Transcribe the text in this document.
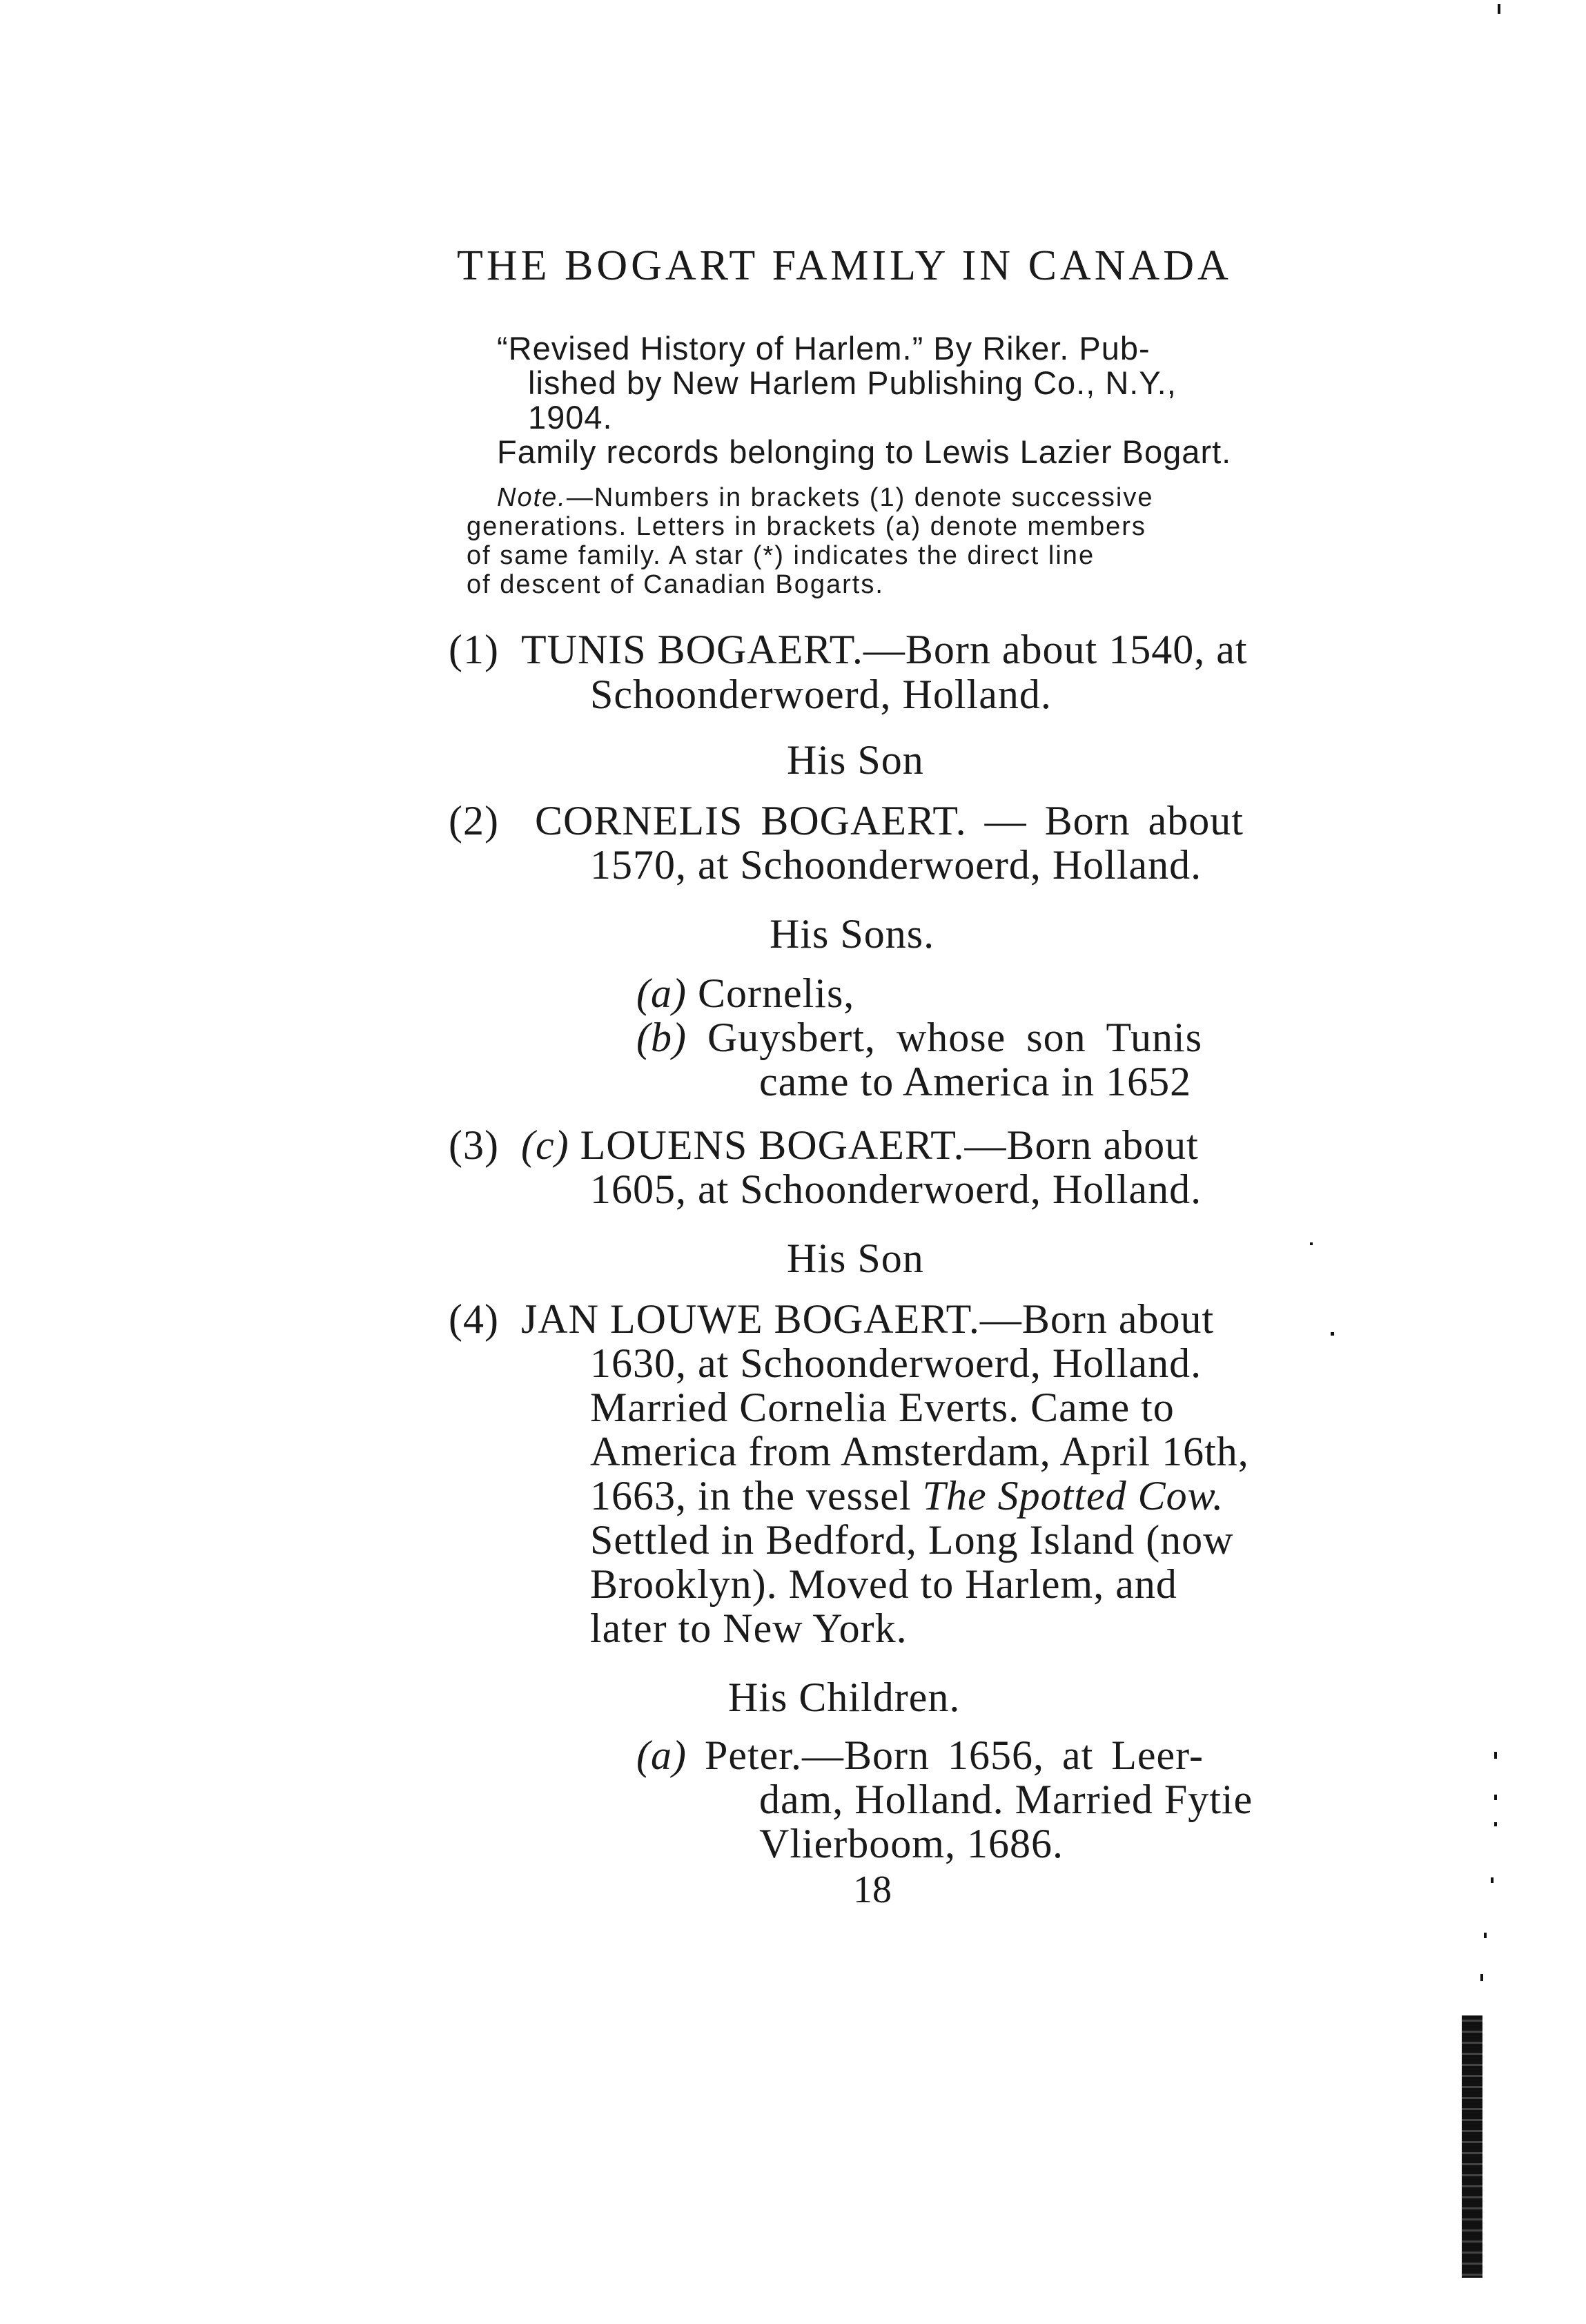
THE BOGART FAMILY IN CANADA
“Revised History of Harlem.” By Riker. Pub-
lished by New Harlem Publishing Co., N.Y.,
1904.
Family records belonging to Lewis Lazier Bogart.
Note.—Numbers in brackets (1) denote successive
generations. Letters in brackets (a) denote members
of same family. A star (*) indicates the direct line
of descent of Canadian Bogarts.
(1) TUNIS BOGAERT.—Born about 1540, at
Schoonderwoerd, Holland.
His Son
(2) CORNELIS BOGAERT. — Born about
1570, at Schoonderwoerd, Holland.
His Sons.
(a) Cornelis,
(b) Guysbert, whose son Tunis
came to America in 1652
(3) (c) LOUENS BOGAERT.—Born about
1605, at Schoonderwoerd, Holland.
His Son
(4) JAN LOUWE BOGAERT.—Born about
1630, at Schoonderwoerd, Holland.
Married Cornelia Everts. Came to
America from Amsterdam, April 16th,
1663, in the vessel The Spotted Cow.
Settled in Bedford, Long Island (now
Brooklyn). Moved to Harlem, and
later to New York.
His Children.
(a) Peter.—Born 1656, at Leer-
dam, Holland. Married Fytie
Vlierboom, 1686.
18
